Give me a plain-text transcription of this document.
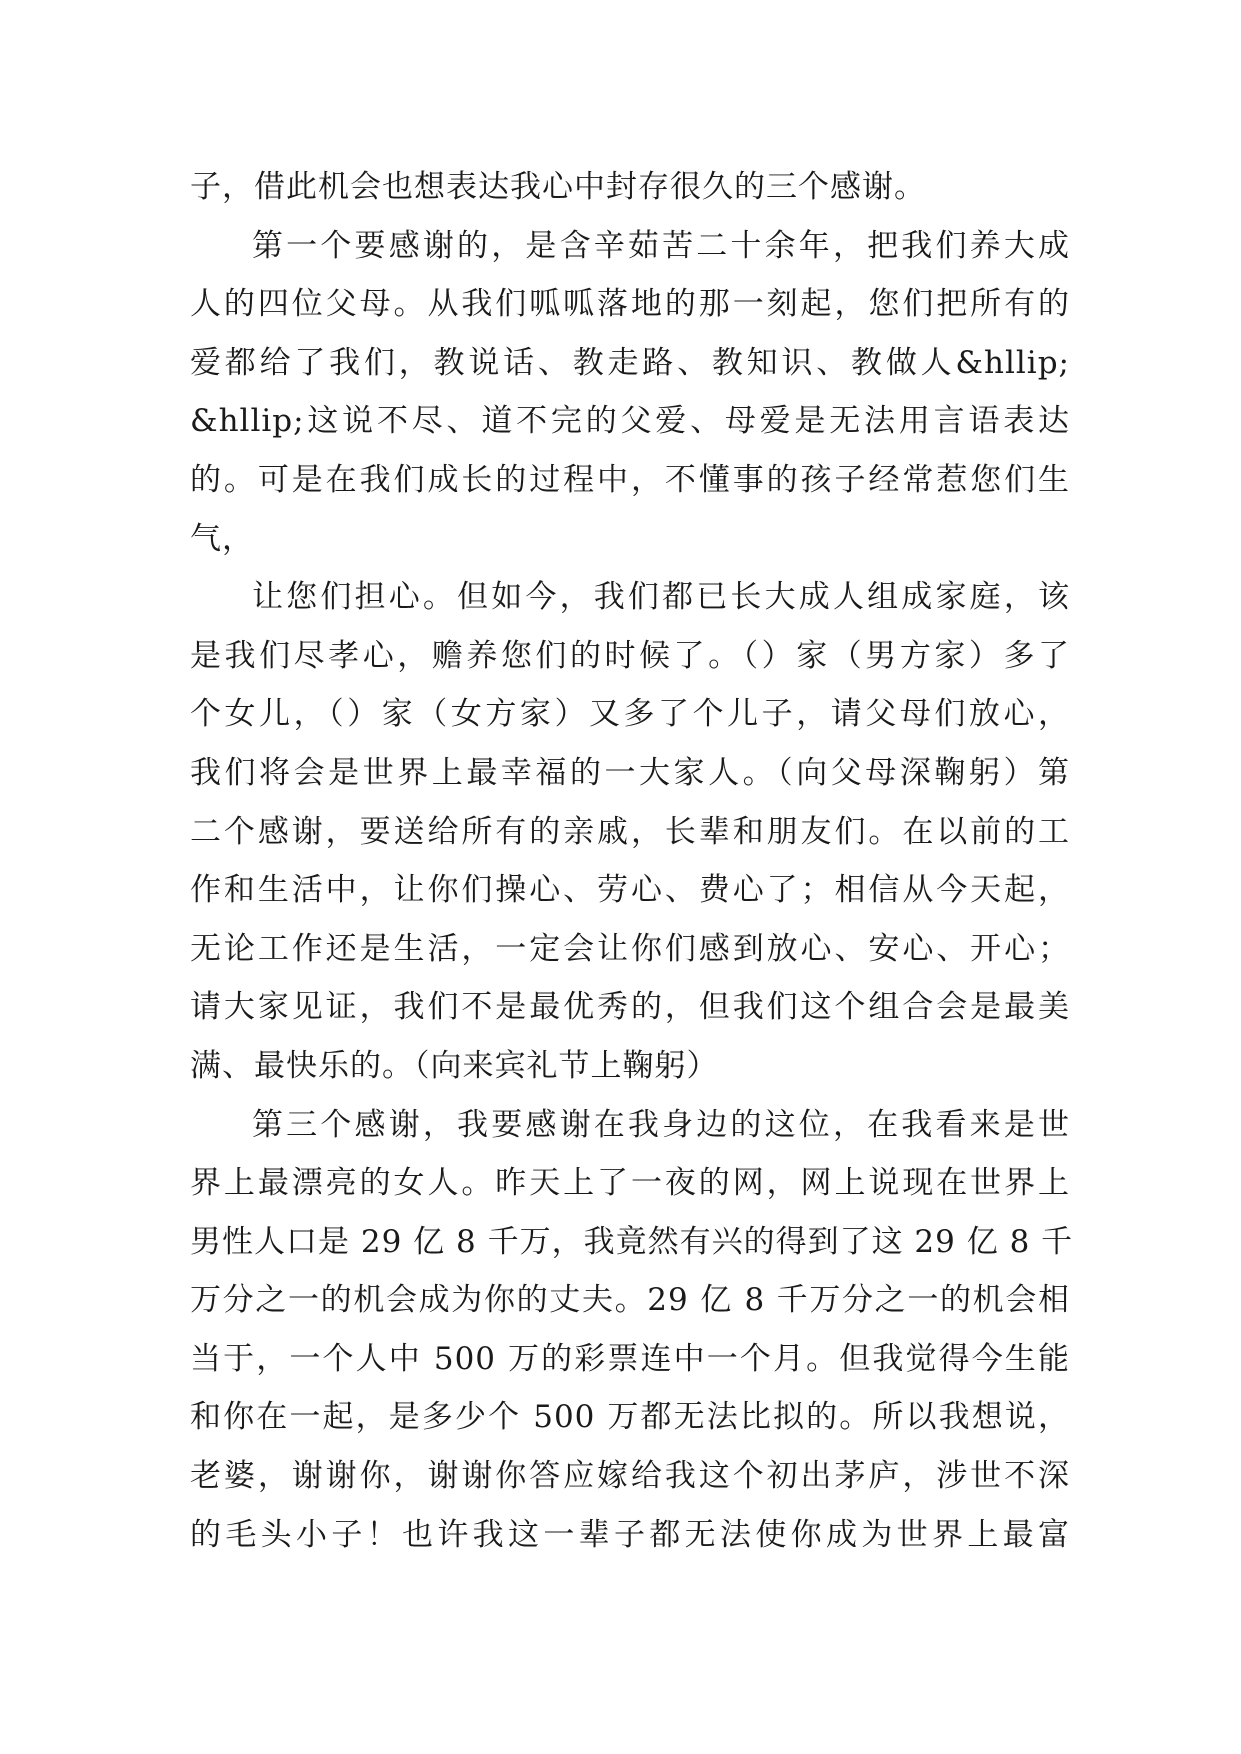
子，借此机会也想表达我心中封存很久的三个感谢。
第一个要感谢的，是含辛茹苦二十余年，把我们养大成
人的四位父母。从我们呱呱落地的那一刻起，您们把所有的
爱都给了我们，教说话、教走路、教知识、教做人&hllip;
&hllip;这说不尽、道不完的父爱、母爱是无法用言语表达
的。可是在我们成长的过程中，不懂事的孩子经常惹您们生
气，
让您们担心。但如今，我们都已长大成人组成家庭，该
是我们尽孝心，赡养您们的时候了。（）家（男方家）多了
个女儿，（）家（女方家）又多了个儿子，请父母们放心，
我们将会是世界上最幸福的一大家人。（向父母深鞠躬）第
二个感谢，要送给所有的亲戚，长辈和朋友们。在以前的工
作和生活中，让你们操心、劳心、费心了；相信从今天起，
无论工作还是生活，一定会让你们感到放心、安心、开心；
请大家见证，我们不是最优秀的，但我们这个组合会是最美
满、最快乐的。（向来宾礼节上鞠躬）
第三个感谢，我要感谢在我身边的这位，在我看来是世
界上最漂亮的女人。昨天上了一夜的网，网上说现在世界上
男性人口是 29 亿 8 千万，我竟然有兴的得到了这 29 亿 8 千
万分之一的机会成为你的丈夫。29 亿 8 千万分之一的机会相
当于，一个人中 500 万的彩票连中一个月。但我觉得今生能
和你在一起，是多少个 500 万都无法比拟的。所以我想说，
老婆，谢谢你，谢谢你答应嫁给我这个初出茅庐，涉世不深
的毛头小子！也许我这一辈子都无法使你成为世界上最富
